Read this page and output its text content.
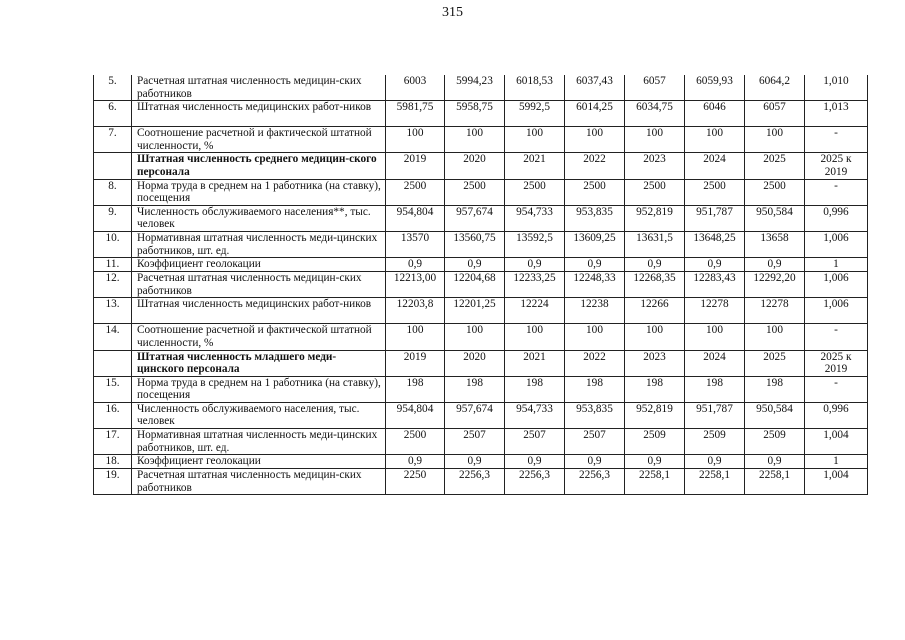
315
5.	Расчетная штатная численность медицин-ских работников	6003	5994,23	6018,53	6037,43	6057	6059,93	6064,2	1,010
6.	Штатная численность медицинских работ-ников	5981,75	5958,75	5992,5	6014,25	6034,75	6046	6057	1,013
7.	Соотношение расчетной и фактической штатной численности, %	100	100	100	100	100	100	100	-
	Штатная численность среднего медицин-ского персонала	2019	2020	2021	2022	2023	2024	2025	2025 к 2019
8.	Норма труда в среднем на 1 работника (на ставку), посещения	2500	2500	2500	2500	2500	2500	2500	-
9.	Численность обслуживаемого населения**, тыс. человек	954,804	957,674	954,733	953,835	952,819	951,787	950,584	0,996
10.	Нормативная штатная численность меди-цинских работников, шт. ед.	13570	13560,75	13592,5	13609,25	13631,5	13648,25	13658	1,006
11.	Коэффициент геолокации	0,9	0,9	0,9	0,9	0,9	0,9	0,9	1
12.	Расчетная штатная численность медицин-ских работников	12213,00	12204,68	12233,25	12248,33	12268,35	12283,43	12292,20	1,006
13.	Штатная численность медицинских работ-ников	12203,8	12201,25	12224	12238	12266	12278	12278	1,006
14.	Соотношение расчетной и фактической штатной численности, %	100	100	100	100	100	100	100	-
	Штатная численность младшего меди-цинского персонала	2019	2020	2021	2022	2023	2024	2025	2025 к 2019
15.	Норма труда в среднем на 1 работника (на ставку), посещения	198	198	198	198	198	198	198	-
16.	Численность обслуживаемого населения, тыс. человек	954,804	957,674	954,733	953,835	952,819	951,787	950,584	0,996
17.	Нормативная штатная численность меди-цинских работников, шт. ед.	2500	2507	2507	2507	2509	2509	2509	1,004
18.	Коэффициент геолокации	0,9	0,9	0,9	0,9	0,9	0,9	0,9	1
19.	Расчетная штатная численность медицин-ских работников	2250	2256,3	2256,3	2256,3	2258,1	2258,1	2258,1	1,004
